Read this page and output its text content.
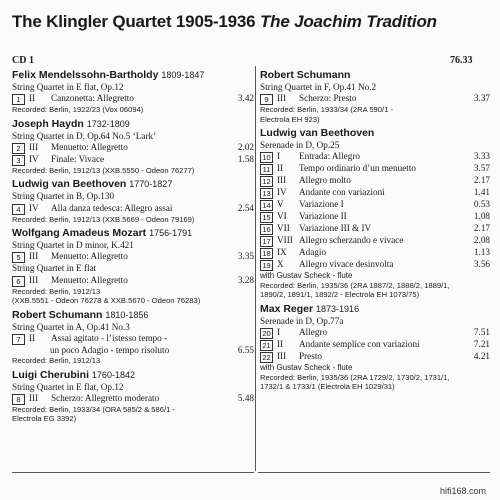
The Klingler Quartet 1905-1936 The Joachim Tradition
CD 1	76.33
Felix Mendelssohn-Bartholdy 1809-1847
String Quartet in E flat, Op.12
1 II	Canzonetta: Allegretto	3.42
Recorded: Berlin, 1922/23 (Vox 06094)
Joseph Haydn 1732-1809
String Quartet in D, Op.64 No.5 ‘Lark’
2 III	Menuetto: Allegretto	2.02
3 IV	Finale: Vivace	1.58
Recorded: Berlin, 1912/13 (XXB.5550 - Odeon 76277)
Ludwig van Beethoven 1770-1827
String Quartet in B, Op.130
4 IV	Alla danza tedesca: Allegro assai	2.54
Recorded: Berlin, 1912/13 (XXB.5669 - Odeon 79169)
Wolfgang Amadeus Mozart 1756-1791
String Quartet in D minor, K.421
5 III	Menuetto: Allegretto	3.35
String Quartet in E flat
6 III	Menuetto: Allegretto	3.28
Recorded: Berlin, 1912/13
(XXB.5551 - Odeon 76278 & XXB.5670 - Odeon 76283)
Robert Schumann 1810-1856
String Quartet in A, Op.41 No.3
7 II	Assai agitato - l’istesso tempo -
un poco Adagio - tempo risoluto	6.55
Recorded: Berlin, 1912/13
Luigi Cherubini 1760-1842
String Quartet in E flat, Op.12
8 III	Scherzo: Allegretto moderato	5.48
Recorded: Berlin, 1933/34 (ORA 585/2 & 586/1 -
Electrola EG 3392)
Robert Schumann
String Quartet in F, Op.41 No.2
9 III	Scherzo: Presto	3.37
Recorded: Berlin, 1933/34 (2RA 590/1 -
Electrola EH 923)
Ludwig van Beethoven
Serenade in D, Op.25
10 I	Entrada: Allegro	3.33
11 II	Tempo ordinario d’un menuetto	3.57
12 III	Allegro molto	2.17
13 IV	Andante con variazioni	1.41
14 V	Variazione I	0.53
15 VI	Variazione II	1.08
16 VII	Variazione III & IV	2.17
17 VIII Allegro scherzando e vivace	2.08
18 IX	Adagio	1.13
19 X	Allegro vivace desinvolta	3.56
with Gustav Scheck - flute
Recorded: Berlin, 1935/36 (2RA 1887/2, 1888/2, 1889/1,
1890/2, 1891/1, 1892/2 - Electrola EH 1073/75)
Max Reger 1873-1916
Serenade in D, Op.77a
20 I	Allegro	7.51
21 II	Andante semplice con variazioni	7.21
22 III	Presto	4.21
with Gustav Scheck - flute
Recorded: Berlin, 1935/36 (2RA 1729/2, 1730/2, 1731/1,
1732/1 & 1733/1 (Electrola EH 1029/31)
hifi168.com
